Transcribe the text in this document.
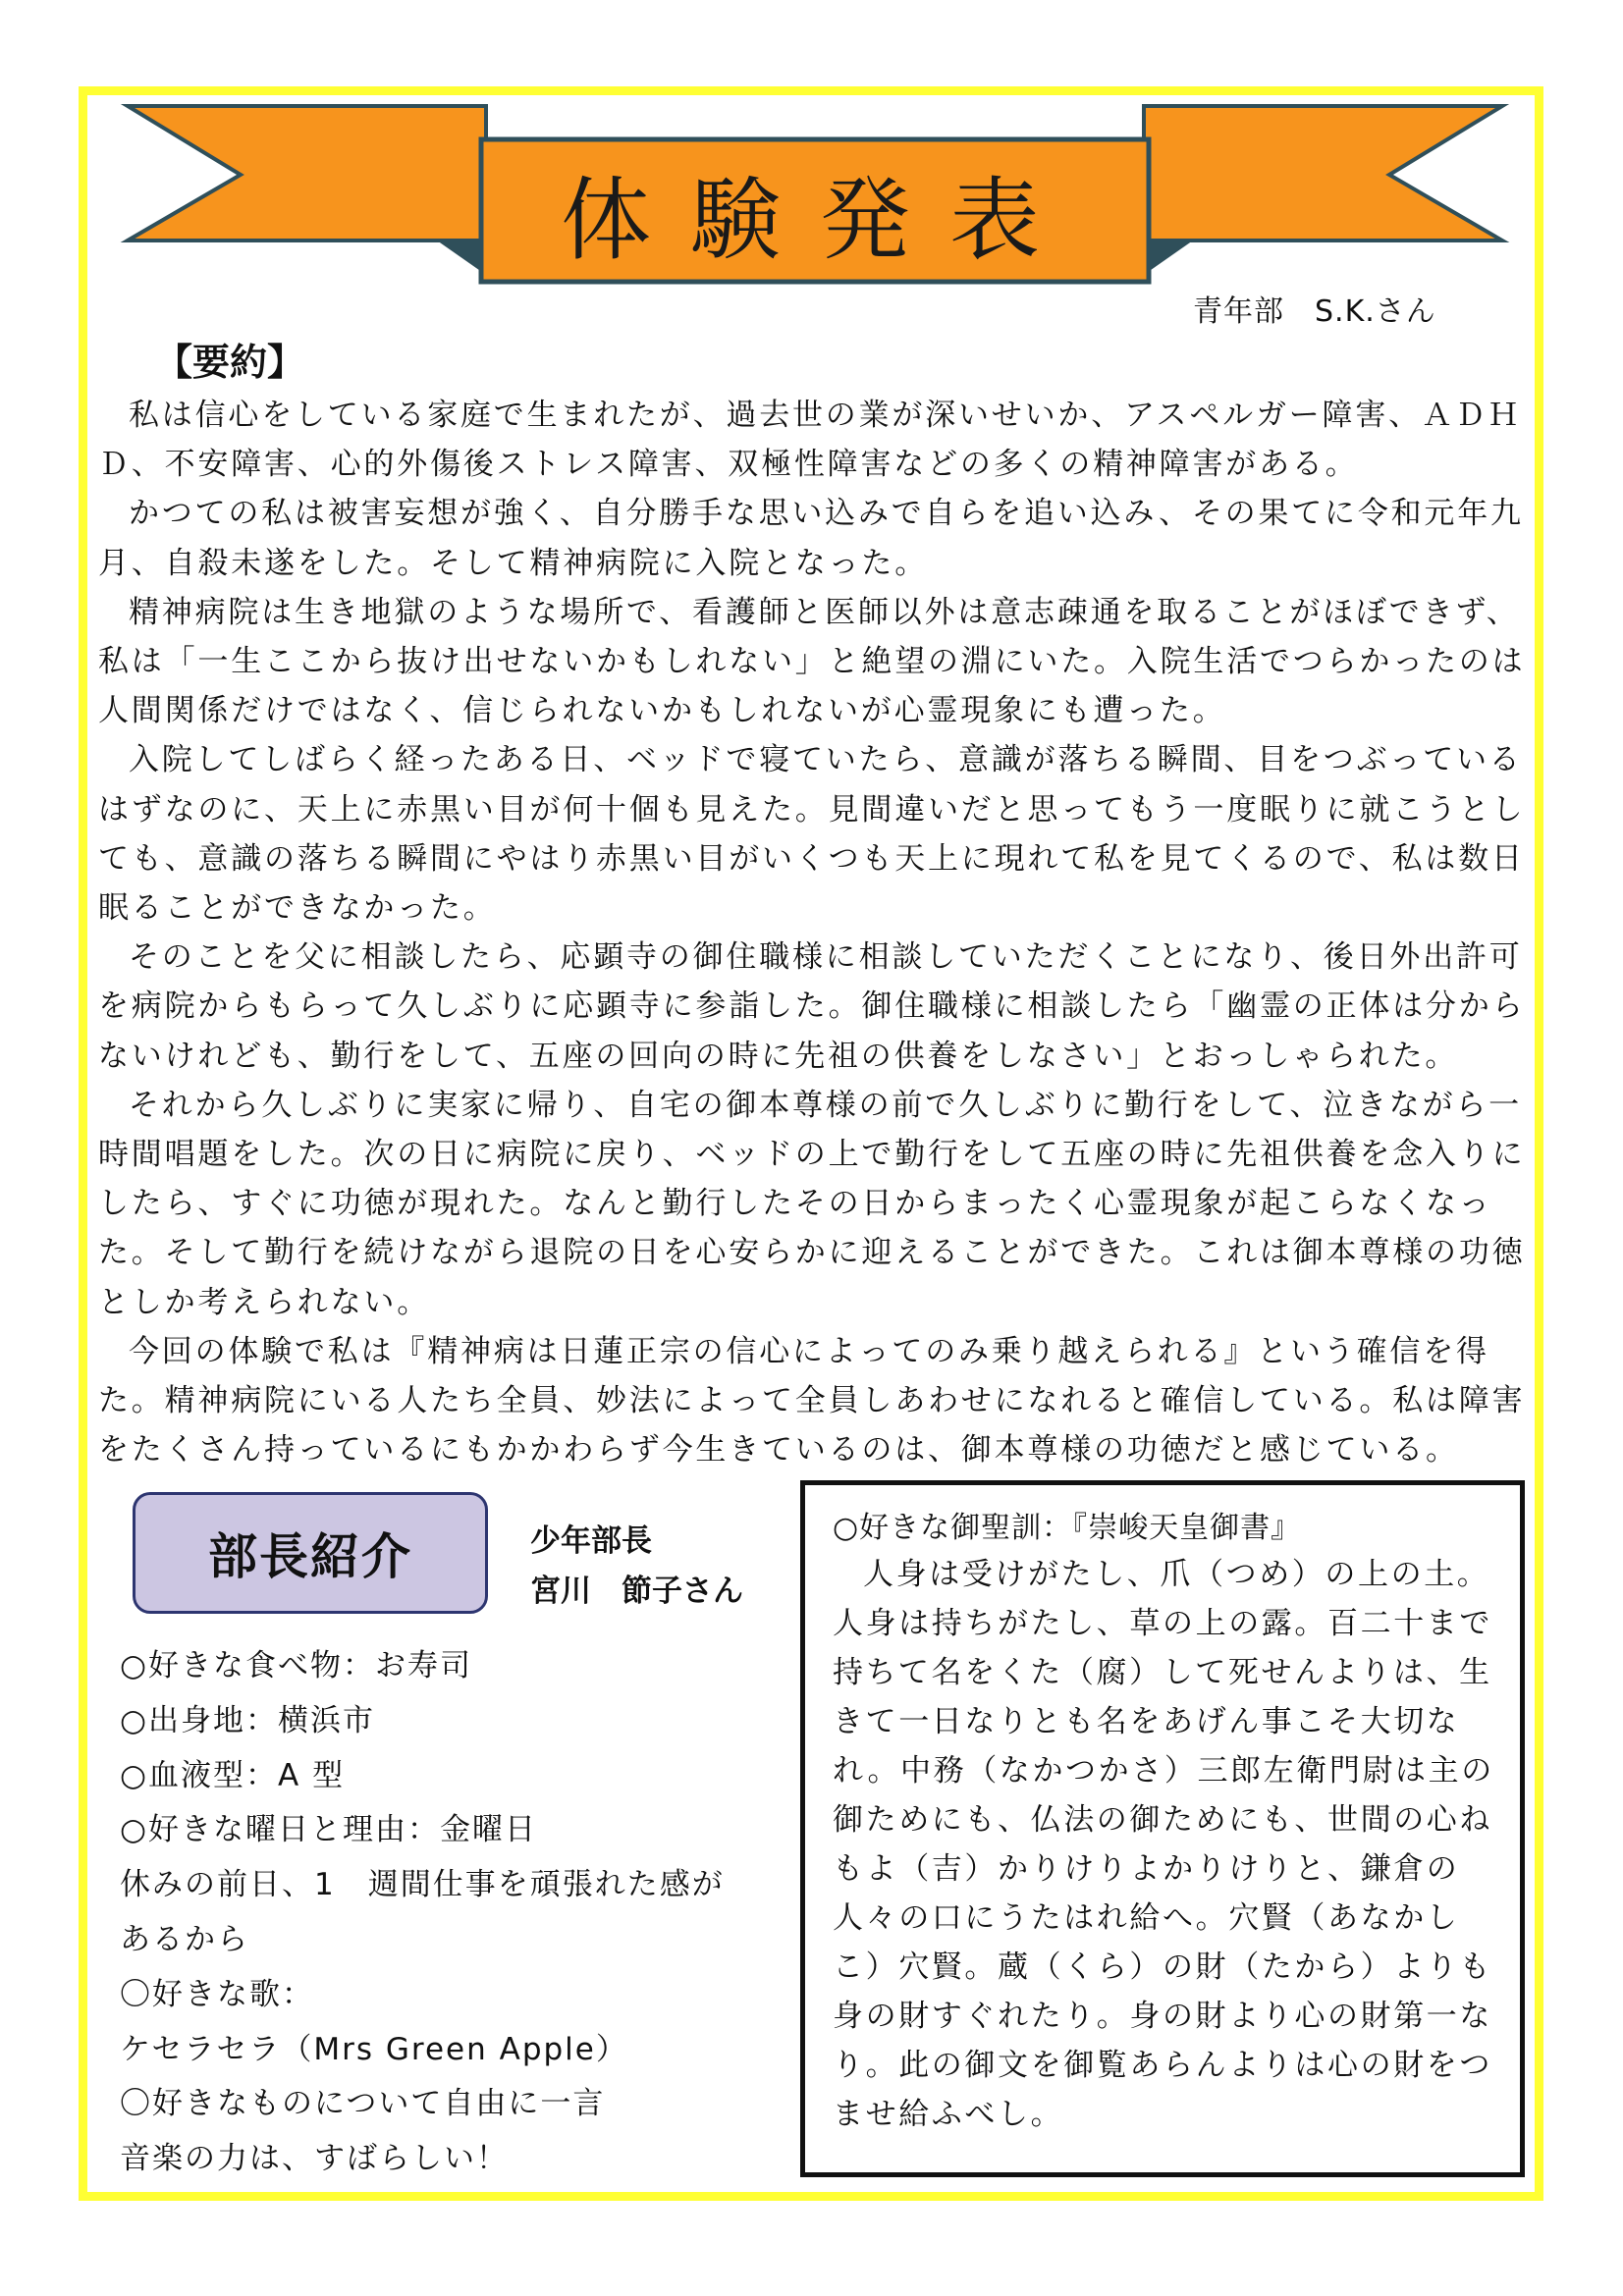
体験発表
青年部　S.K.さん
【要約】

私は信心をしている家庭で生まれたが、過去世の業が深いせいか、アスペルガー障害、ＡＤＨＤ、不安障害、心的外傷後ストレス障害、双極性障害などの多くの精神障害がある。

かつての私は被害妄想が強く、自分勝手な思い込みで自らを追い込み、その果てに令和元年九月、自殺未遂をした。そして精神病院に入院となった。

精神病院は生き地獄のような場所で、看護師と医師以外は意志疎通を取ることがほぼできず、私は「一生ここから抜け出せないかもしれない」と絶望の淵にいた。入院生活でつらかったのは人間関係だけではなく、信じられないかもしれないが心霊現象にも遭った。

入院してしばらく経ったある日、ベッドで寝ていたら、意識が落ちる瞬間、目をつぶっているはずなのに、天上に赤黒い目が何十個も見えた。見間違いだと思ってもう一度眠りに就こうとしても、意識の落ちる瞬間にやはり赤黒い目がいくつも天上に現れて私を見てくるので、私は数日眠ることができなかった。

そのことを父に相談したら、応顕寺の御住職様に相談していただくことになり、後日外出許可を病院からもらって久しぶりに応顕寺に参詣した。御住職様に相談したら「幽霊の正体は分からないけれども、勤行をして、五座の回向の時に先祖の供養をしなさい」とおっしゃられた。

それから久しぶりに実家に帰り、自宅の御本尊様の前で久しぶりに勤行をして、泣きながら一時間唱題をした。次の日に病院に戻り、ベッドの上で勤行をして五座の時に先祖供養を念入りにしたら、すぐに功徳が現れた。なんと勤行したその日からまったく心霊現象が起こらなくなった。そして勤行を続けながら退院の日を心安らかに迎えることができた。これは御本尊様の功徳としか考えられない。

今回の体験で私は『精神病は日蓮正宗の信心によってのみ乗り越えられる』という確信を得た。精神病院にいる人たち全員、妙法によって全員しあわせになれると確信している。私は障害をたくさん持っているにもかかわらず今生きているのは、御本尊様の功徳だと感じている。

部長紹介	少年部長
宮川　節子さん
○好きな食べ物：お寿司
○出身地：横浜市
○血液型：A 型
○好きな曜日と理由：金曜日
休みの前日、1　週間仕事を頑張れた感が
あるから
〇好きな歌：
ケセラセラ（Mrs Green Apple）
〇好きなものについて自由に一言
音楽の力は、すばらしい！
○好きな御聖訓：『崇峻天皇御書』

人身は受けがたし、爪（つめ）の上の土。人身は持ちがたし、草の上の露。百二十まで持ちて名をくた（腐）して死せんよりは、生きて一日なりとも名をあげん事こそ大切なれ。中務（なかつかさ）三郎左衛門尉は主の御ためにも、仏法の御ためにも、世間の心ねもよ（吉）かりけりよかりけりと、鎌倉の人々の口にうたはれ給へ。穴賢（あなかしこ）穴賢。蔵（くら）の財（たから）よりも身の財すぐれたり。身の財より心の財第一なり。此の御文を御覧あらんよりは心の財をつませ給ふべし。
